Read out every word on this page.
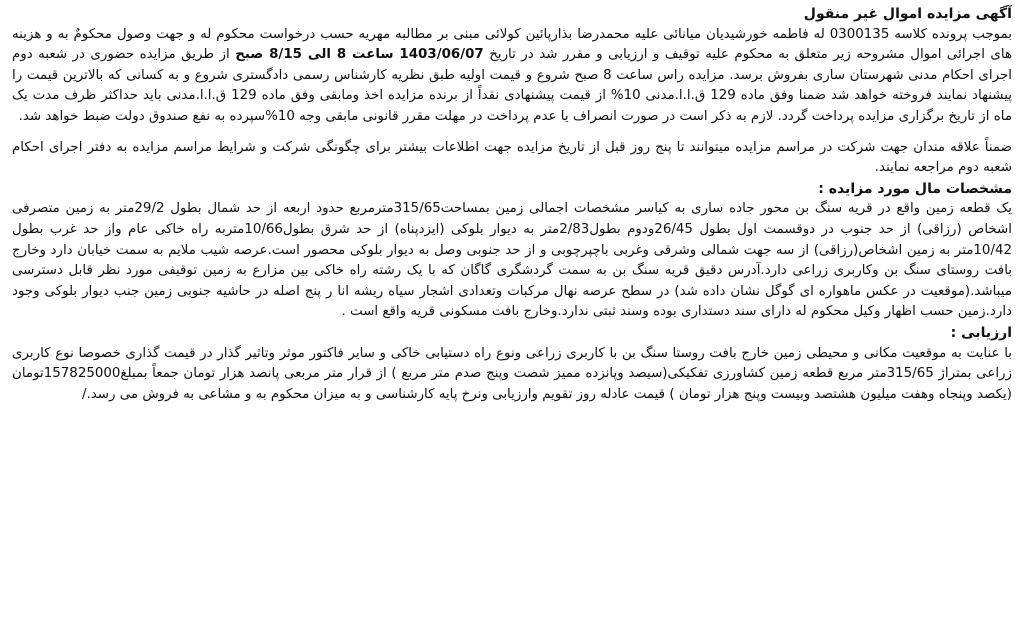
آگهی مزایده اموال غیر منقول

بموجب پرونده کلاسه 0300135 له فاطمه خورشیدیان میانائی علیه محمدرضا بذارپائین کولائی مبنی بر مطالبه مهریه حسب درخواست محکوم له و جهت وصول محکومٌ به و هزینه های اجرائی اموال مشروحه زیر متعلق به محکوم علیه توقیف و ارزیابی و مقرر شد در تاریخ 1403/06/07 ساعت 8 الی 8/15 صبح از طریق مزایده حضوری در شعبه دوم اجرای احکام مدنی شهرستان ساری بفروش برسد. مزایده راس ساعت 8 صبح شروع و قیمت اولیه طبق نظریه کارشناس رسمی دادگستری شروع و به کسانی که بالاترین قیمت را پیشنهاد نمایند فروخته خواهد شد ضمنا وفق ماده 129 ق.ا.ا.مدنی 10% از قیمت پیشنهادی نقداً از برنده مزایده اخذ ومابقی وفق ماده 129 ق.ا.ا.مدنی باید حداکثر ظرف مدت یک ماه از تاریخ برگزاری مزایده پرداخت گردد. لازم به ذکر است در صورت انصراف یا عدم پرداخت در مهلت مقرر قانونی مابقی وجه 10%سپرده به نفع صندوق دولت ضبط خواهد شد.

ضمناً علاقه مندان جهت شرکت در مراسم مزایده میتوانند تا پنج روز قبل از تاریخ مزایده جهت اطلاعات بیشتر برای چگونگی شرکت و شرایط مراسم مزایده به دفتر اجرای احکام شعبه دوم مراجعه نمایند.

مشخصات مال مورد مزایده :

یک قطعه زمین واقع در قریه سنگ بن محور جاده ساری به کیاسر مشخصات اجمالی زمین بمساحت315/65مترمربع حدود اربعه از حد شمال بطول 29/2متر به زمین متصرفی اشخاص (رزاقی) از حد جنوب در دوقسمت اول بطول 26/45ودوم بطول2/83متر به دیوار بلوکی (ایزدپناه) از حد شرق بطول10/66متربه راه خاکی عام واز حد غرب بطول 10/42متر به زمین اشخاص(رزاقی) از سه جهت شمالی وشرقی وغربی باچپرچوبی و از حد جنوبی وصل به دیوار بلوکی محصور است.عرصه شیب ملایم به سمت خیابان دارد وخارج بافت روستای سنگ بن وکاربری زراعی دارد.آدرس دقیق قریه سنگ بن به سمت گردشگری گاگان که با یک رشته راه خاکی بین مزارع به زمین توقیفی مورد نظر قابل دسترسی میباشد.(موقعیت در عکس ماهواره ای گوگل نشان داده شد) در سطح عرصه نهال مرکبات وتعدادی اشجار سیاه ریشه انا ر پنج اصله در حاشیه جنوبی زمین جنب دیوار بلوکی وجود دارد.زمین حسب اظهار وکیل محکوم له دارای سند دستداری بوده وسند ثبتی ندارد.وخارج بافت مسکونی قریه واقع است .

ارزیابی :

با عنایت به موقعیت مکانی و محیطی زمین خارج بافت روستا سنگ بن با کاربری زراعی ونوع راه دستیابی خاکی و سایر فاکتور موثر وتاثیر گذار در قیمت گذاری خصوصا نوع کاربری زراعی بمتراژ 315/65متر مربع قطعه زمین کشاورزی تفکیکی(سیصد وپانزده ممیز شصت وپنج صدم متر مربع ) از قرار متر مربعی پانصد هزار تومان جمعاً بمبلغ157825000تومان (یکصد وپنجاه وهفت میلیون هشتصد وبیست وپنج هزار تومان ) قیمت عادله روز تقویم وارزیابی ونرخ پایه کارشناسی و به میزان محکوم به و مشاعی به فروش می رسد./
